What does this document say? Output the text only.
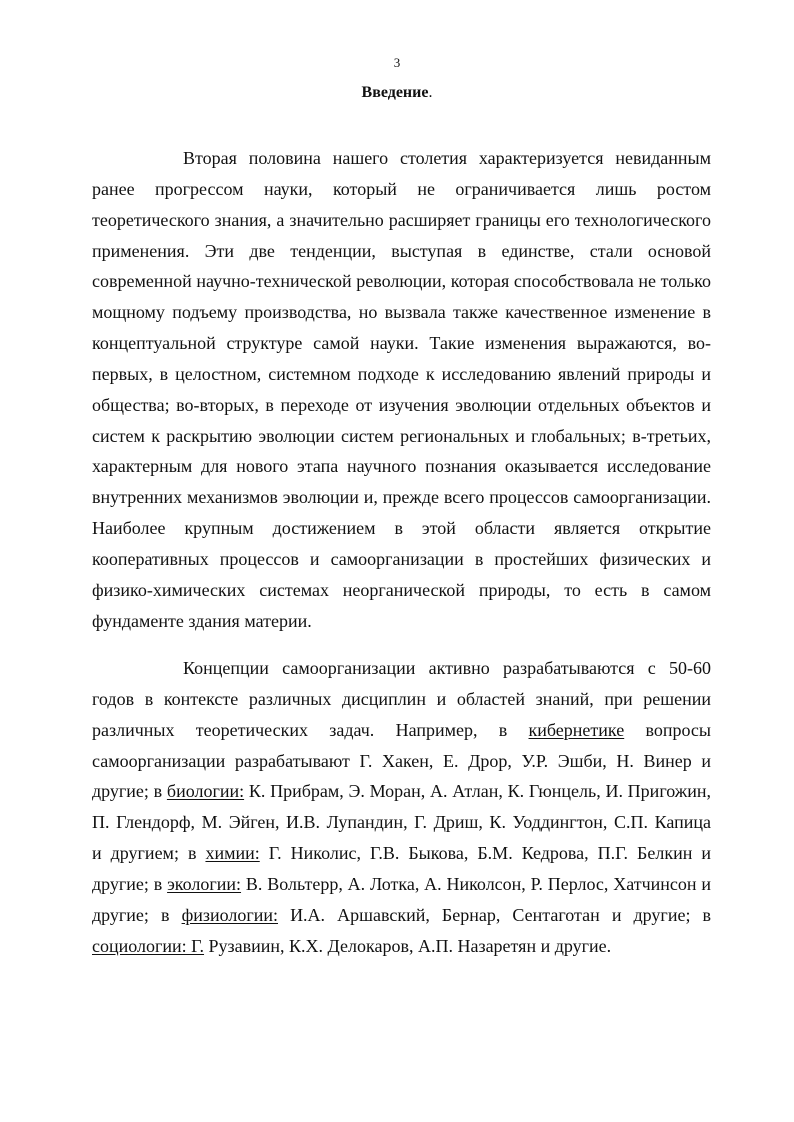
3
Введение.
Вторая половина нашего столетия характеризуется невиданным
ранее прогрессом науки, который не ограничивается лишь ростом
теоретического знания, а значительно расширяет границы его технологического
применения. Эти две тенденции, выступая в единстве, стали основой
современной научно-технической революции, которая способствовала не только
мощному подъему производства, но вызвала также качественное изменение в
концептуальной структуре самой науки. Такие изменения выражаются, во-
первых, в целостном, системном подходе к исследованию явлений природы и
общества; во-вторых, в переходе от изучения эволюции отдельных объектов и
систем к раскрытию эволюции систем региональных и глобальных; в-третьих,
характерным для нового этапа научного познания оказывается исследование
внутренних механизмов эволюции и, прежде всего процессов самоорганизации.
Наиболее крупным достижением в этой области является открытие
кооперативных процессов и самоорганизации в простейших физических и
физико-химических системах неорганической природы, то есть в самом
фундаменте здания материи.
Концепции самоорганизации активно разрабатываются с 50-60
годов в контексте различных дисциплин и областей знаний, при решении
различных теоретических задач. Например, в кибернетике вопросы
самоорганизации разрабатывают Г. Хакен, Е. Дрор, У.Р. Эшби, Н. Винер и
другие; в биологии: К. Прибрам, Э. Моран, А. Атлан, К. Гюнцель, И. Пригожин,
П. Глендорф, М. Эйген, И.В. Лупандин, Г. Дриш, К. Уоддингтон, С.П. Капица
и другием; в химии: Г. Николис, Г.В. Быкова, Б.М. Кедрова, П.Г. Белкин и
другие; в экологии: В. Вольтерр, А. Лотка, А. Николсон, Р. Перлос, Хатчинсон и
другие; в физиологии: И.А. Аршавский, Бернар, Сентаготан и другие; в
социологии: Г. Рузавиин, К.Х. Делокаров, А.П. Назаретян и другие.
